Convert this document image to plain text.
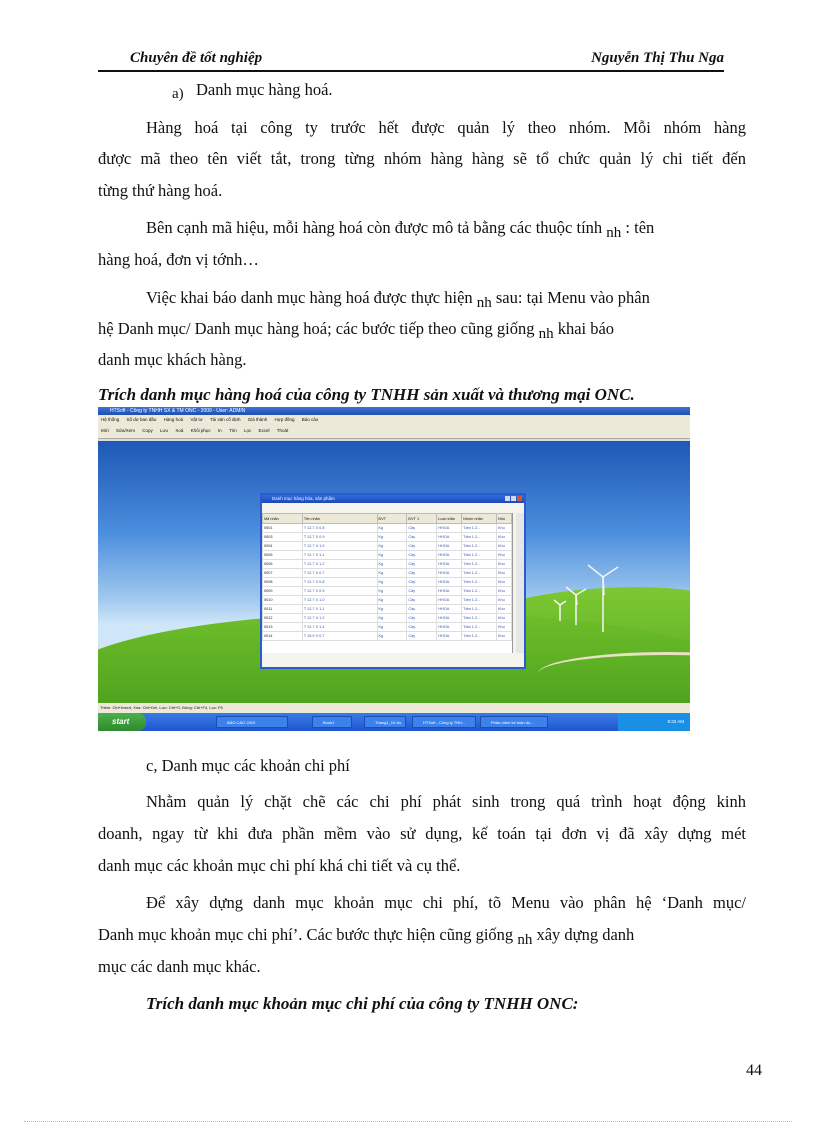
Chuyên đề tốt nghiệp	Nguyễn Thị Thu Nga
a) Danh mục hàng hoá.
Hàng hoá tại công ty trước hết được quản lý theo nhóm. Mỗi nhóm hàng
được mã theo tên viết tắt, trong từng nhóm hàng hàng sẽ tổ chức quản lý chi tiết đến
từng thứ hàng hoá.
Bên cạnh mã hiệu, mỗi hàng hoá còn được mô tả bằng các thuộc tính nh : tên
hàng hoá, đơn vị tớnh…
Việc khai báo danh mục hàng hoá được thực hiện nh sau: tại Menu vào phân
hệ Danh mục/ Danh mục hàng hoá; các bước tiếp theo cũng giống nh khai báo
danh mục khách hàng.
Trích danh mục hàng hoá của công ty TNHH sản xuất và thương mại ONC.
HTSoft - Công ty TNHH SX & TM ONC - 2009 - User: ADMIN
Hệ thống Số dư ban đầu Hàng hoá Vật tư Tài sản cố định Giá thành Hợp đồng Báo cáo
Mới Sửa/Xem Copy Lưu Xoá Khôi phục In Tìm Lọc Excel Thoát
Danh mục hàng hóa, sản phẩm
Mã nhãn	Tên nhãn	ĐVT	ĐVT 1	Loại nhãn	Nhóm nhãn	Nhó
0001	T 12.7 X 0.8	Kg	Cây	HHOA	Tấm 1.2...	Khu
0003	T 12.7 X 0.9	Kg	Cây	HHOA	Tấm 1.2...	Khu
0004	T 12.7 X 1.0	Kg	Cây	HHOA	Tấm 1.2...	Khu
0005	T 12.7 X 1.1	Kg	Cây	HHOA	Tấm 1.2...	Khu
0006	T 12.7 X 1.2	Kg	Cây	HHOA	Tấm 1.2...	Khu
0007	T 12.7 X 0.7	Kg	Cây	HHOA	Tấm 1.2...	Khu
0008	T 12.7 X 0.8	Kg	Cây	HHOA	Tấm 1.2...	Khu
0009	T 12.7 X 0.9	Kg	Cây	HHOA	Tấm 1.2...	Khu
0010	T 12.7 X 1.0	Kg	Cây	HHOA	Tấm 1.2...	Khu
0011	T 12.7 X 1.1	Kg	Cây	HHOA	Tấm 1.2...	Khu
0012	T 12.7 X 1.2	Kg	Cây	HHOA	Tấm 1.2...	Khu
0013	T 12.7 X 1.4	Kg	Cây	HHOA	Tấm 1.2...	Khu
0014	T 15.9 X 0.7	Kg	Cây	HHOA	Tấm 1.2...	Khu
Thêm: Ctrl+Insert, Xóa: Ctrl+Del, Lưu: Ctrl+S, Đóng: Ctrl+F4, Lọc: F6
start	BÁO CÁO 2010	Book1	Thang1_10.xls	HTSoft - Công ty TNH...	Phần mềm kế toán do...	8:33 AM
c, Danh mục các khoản chi phí
Nhằm quản lý chặt chẽ các chi phí phát sinh trong quá trình hoạt động kinh
doanh, ngay từ khi đưa phần mềm vào sử dụng, kế toán tại đơn vị đã xây dựng mét
danh mục các khoản mục chi phí khá chi tiết và cụ thể.
Để xây dựng danh mục khoản mục chi phí, tõ Menu vào phân hệ ‘Danh mục/
Danh mục khoản mục chi phí’. Các bước thực hiện cũng giống nh xây dựng danh
mục các danh mục khác.
Trích danh mục khoản mục chi phí của công ty TNHH ONC:
44
